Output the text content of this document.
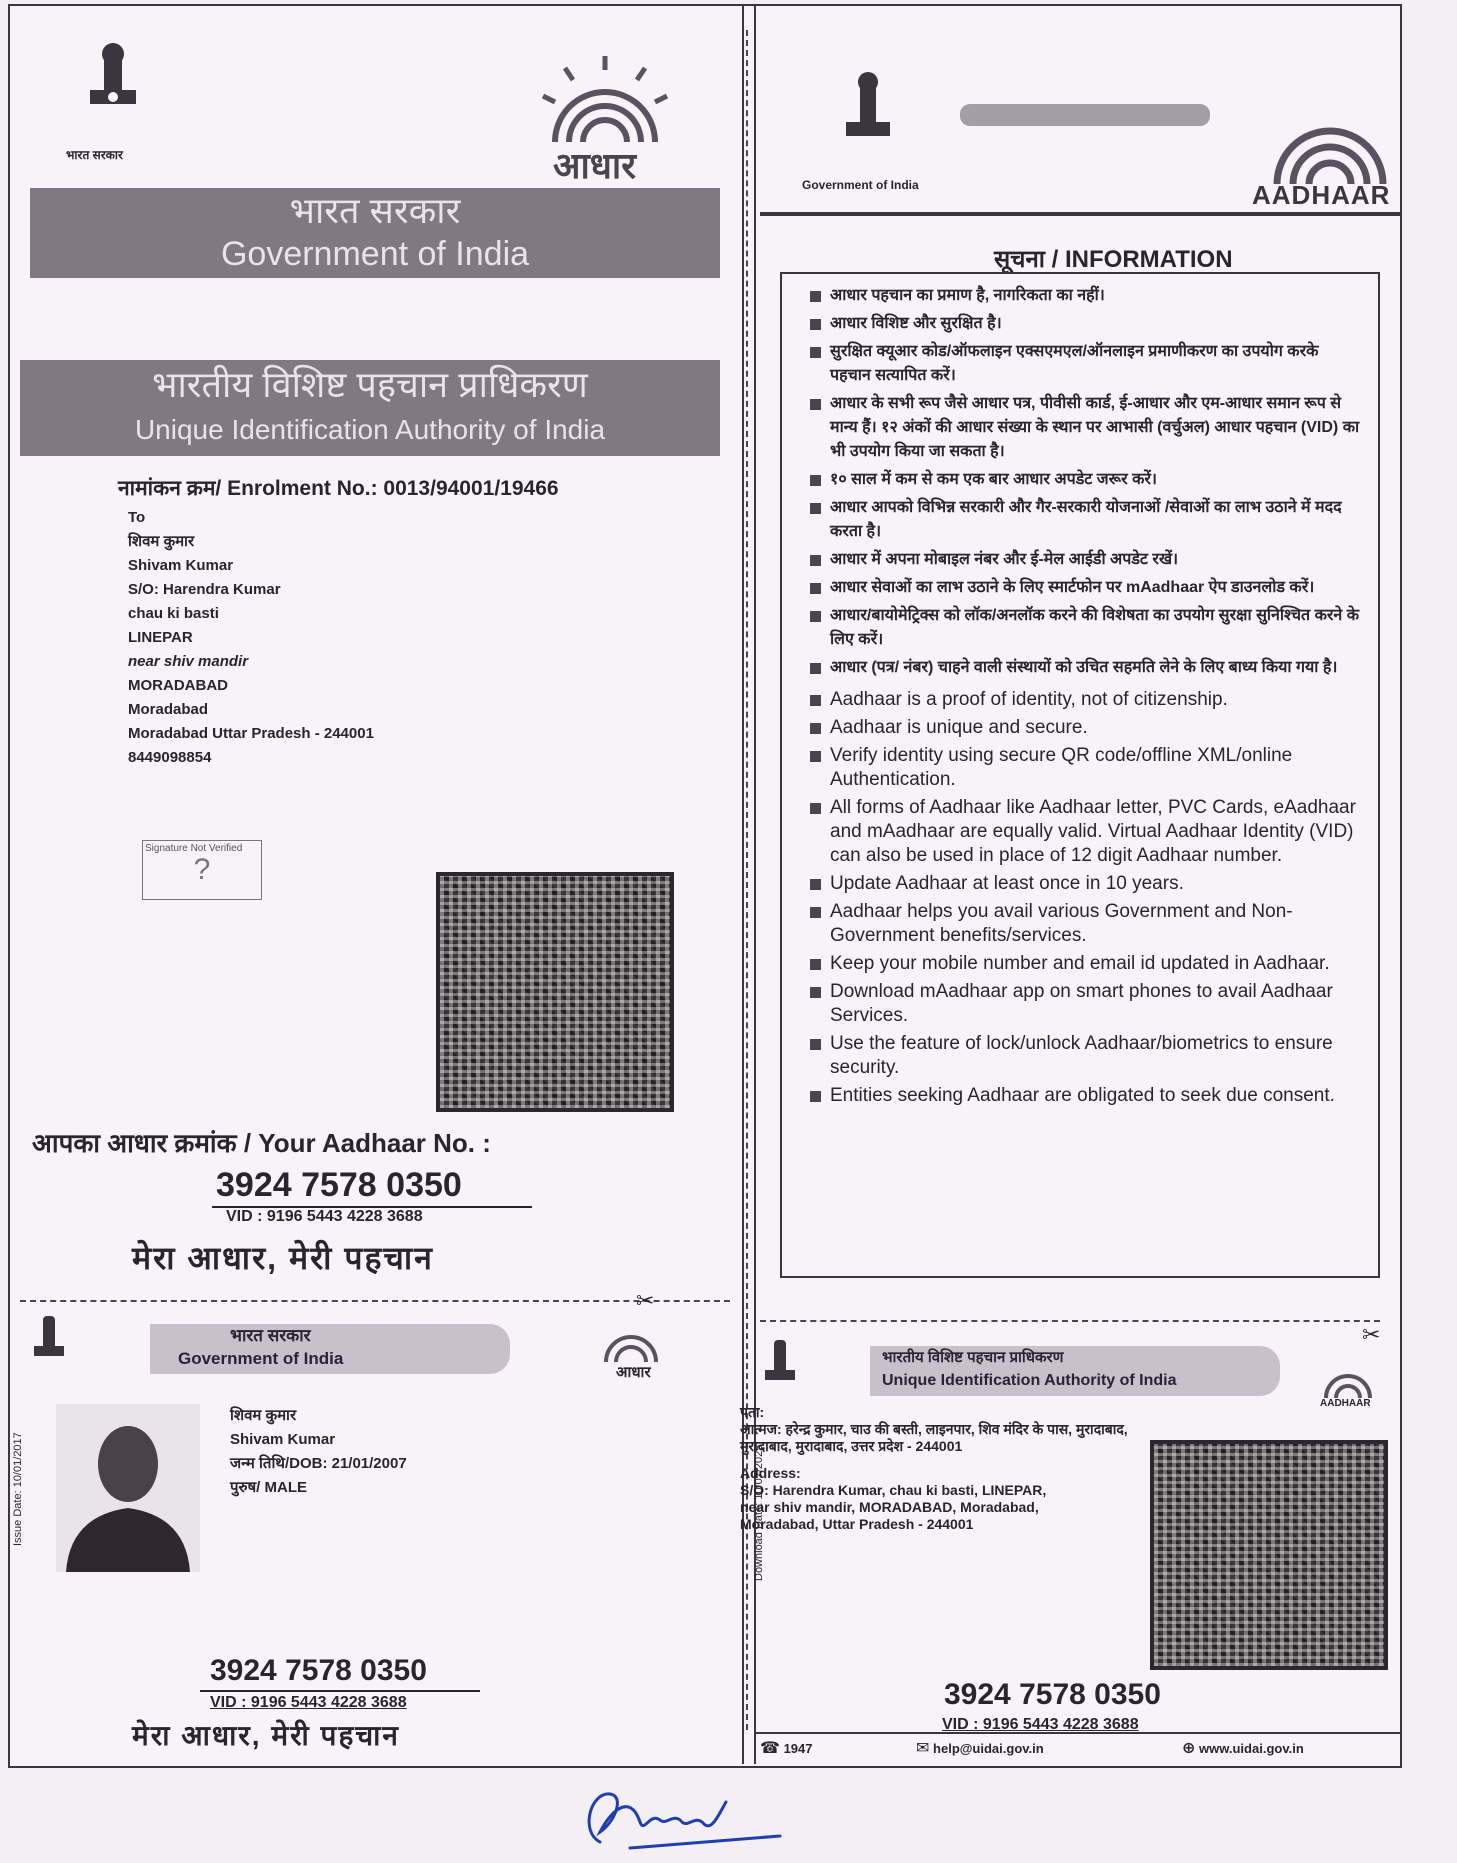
✂
✂
भारत सरकार	आधार
भारत सरकार
Government of India
भारतीय विशिष्ट पहचान प्राधिकरण
Unique Identification Authority of India
नामांकन क्रम/ Enrolment No.: 0013/94001/19466
To
शिवम कुमार
Shivam Kumar
S/O: Harendra Kumar
chau ki basti
LINEPAR
near shiv mandir
MORADABAD
Moradabad
Moradabad Uttar Pradesh - 244001
8449098854
Signature Not Verified
?
आपका आधार क्रमांक / Your Aadhaar No. :
3924 7578 0350
VID : 9196 5443 4228 3688
मेरा आधार, मेरी पहचान
Government of India	AADHAAR
सूचना / INFORMATION
आधार पहचान का प्रमाण है, नागरिकता का नहीं।
आधार विशिष्ट और सुरक्षित है।
सुरक्षित क्यूआर कोड/ऑफलाइन एक्सएमएल/ऑनलाइन प्रमाणीकरण का उपयोग करके पहचान सत्यापित करें।
आधार के सभी रूप जैसे आधार पत्र, पीवीसी कार्ड, ई-आधार और एम-आधार समान रूप से मान्य हैं। १२ अंकों की आधार संख्या के स्थान पर आभासी (वर्चुअल) आधार पहचान (VID) का भी उपयोग किया जा सकता है।
१० साल में कम से कम एक बार आधार अपडेट जरूर करें।
आधार आपको विभिन्न सरकारी और गैर-सरकारी योजनाओं /सेवाओं का लाभ उठाने में मदद करता है।
आधार में अपना मोबाइल नंबर और ई-मेल आईडी अपडेट रखें।
आधार सेवाओं का लाभ उठाने के लिए स्मार्टफोन पर mAadhaar ऐप डाउनलोड करें।
आधार/बायोमेट्रिक्स को लॉक/अनलॉक करने की विशेषता का उपयोग सुरक्षा सुनिश्चित करने के लिए करें।
आधार (पत्र/ नंबर) चाहने वाली संस्थायों को उचित सहमति लेने के लिए बाध्य किया गया है।
Aadhaar is a proof of identity, not of citizenship.
Aadhaar is unique and secure.
Verify identity using secure QR code/offline XML/online Authentication.
All forms of Aadhaar like Aadhaar letter, PVC Cards, eAadhaar and mAadhaar are equally valid. Virtual Aadhaar Identity (VID) can also be used in place of 12 digit Aadhaar number.
Update Aadhaar at least once in 10 years.
Aadhaar helps you avail various Government and Non- Government benefits/services.
Keep your mobile number and email id updated in Aadhaar.
Download mAadhaar app on smart phones to avail Aadhaar Services.
Use the feature of lock/unlock Aadhaar/biometrics to ensure security.
Entities seeking Aadhaar are obligated to seek due consent.
भारत सरकार
Government of India
आधार
Issue Date: 10/01/2017
शिवम कुमार
Shivam Kumar
जन्म तिथि/DOB: 21/01/2007
पुरुष/ MALE
3924 7578 0350
VID : 9196 5443 4228 3688
मेरा आधार, मेरी पहचान
भारतीय विशिष्ट पहचान प्राधिकरण
Unique Identification Authority of India
AADHAAR
Download Date: 10/07/2025
पता:
आत्मज: हरेन्द्र कुमार, चाउ की बस्ती, लाइनपार, शिव मंदिर के पास, मुरादाबाद, मुरादाबाद, मुरादाबाद, उत्तर प्रदेश - 244001
Address:
S/O: Harendra Kumar, chau ki basti, LINEPAR, near shiv mandir, MORADABAD, Moradabad, Moradabad, Uttar Pradesh - 244001
3924 7578 0350
VID : 9196 5443 4228 3688
☎ 1947	✉ help@uidai.gov.in	⊕ www.uidai.gov.in
